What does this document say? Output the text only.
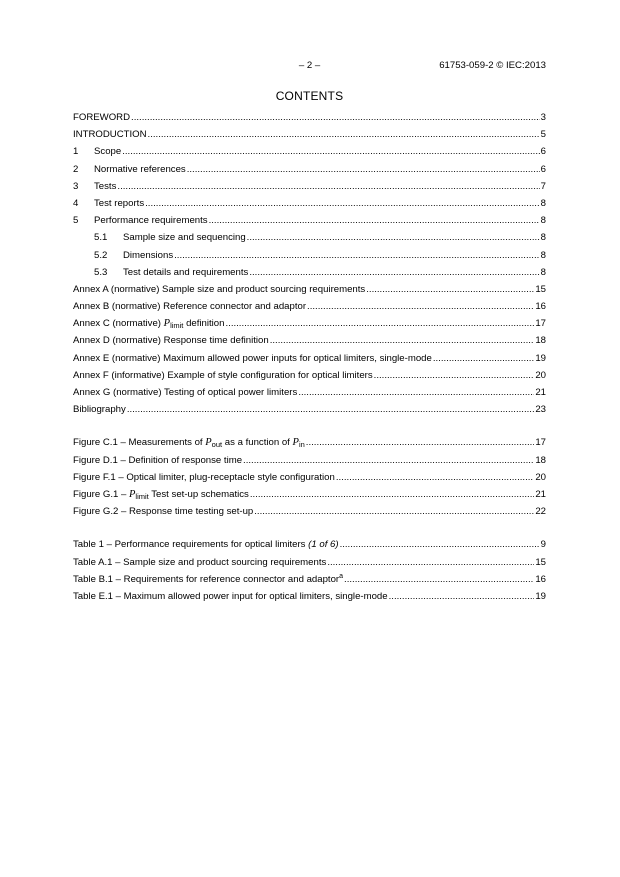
– 2 –	61753-059-2 © IEC:2013
CONTENTS
FOREWORD .....	3
INTRODUCTION .....	5
1	Scope .....	6
2	Normative references .....	6
3	Tests .....	7
4	Test reports .....	8
5	Performance requirements .....	8
5.1	Sample size and sequencing .....	8
5.2	Dimensions .....	8
5.3	Test details and requirements .....	8
Annex A (normative) Sample size and product sourcing requirements .....	15
Annex B (normative) Reference connector and adaptor .....	16
Annex C (normative) $P_{limit}$ definition .....	17
Annex D (normative) Response time definition .....	18
Annex E (normative) Maximum allowed power inputs for optical limiters, single-mode .....	19
Annex F (informative) Example of style configuration for optical limiters .....	20
Annex G (normative) Testing of optical power limiters .....	21
Bibliography .....	23
Figure C.1 – Measurements of $P_{out}$ as a function of $P_{in}$ .....	17
Figure D.1 – Definition of response time .....	18
Figure F.1 – Optical limiter, plug-receptacle style configuration .....	20
Figure $G.1 - P_{limit}$ Test set-up schematics .....	21
Figure G.2 – Response time testing set-up .....	22
Table 1 – Performance requirements for optical limiters (1 of 6) .....	9
Table A.1 – Sample size and product sourcing requirements .....	15
Table B.1 – Requirements for reference connector and adaptor$^a$ .....	16
Table E.1 – Maximum allowed power input for optical limiters, single-mode .....	19
